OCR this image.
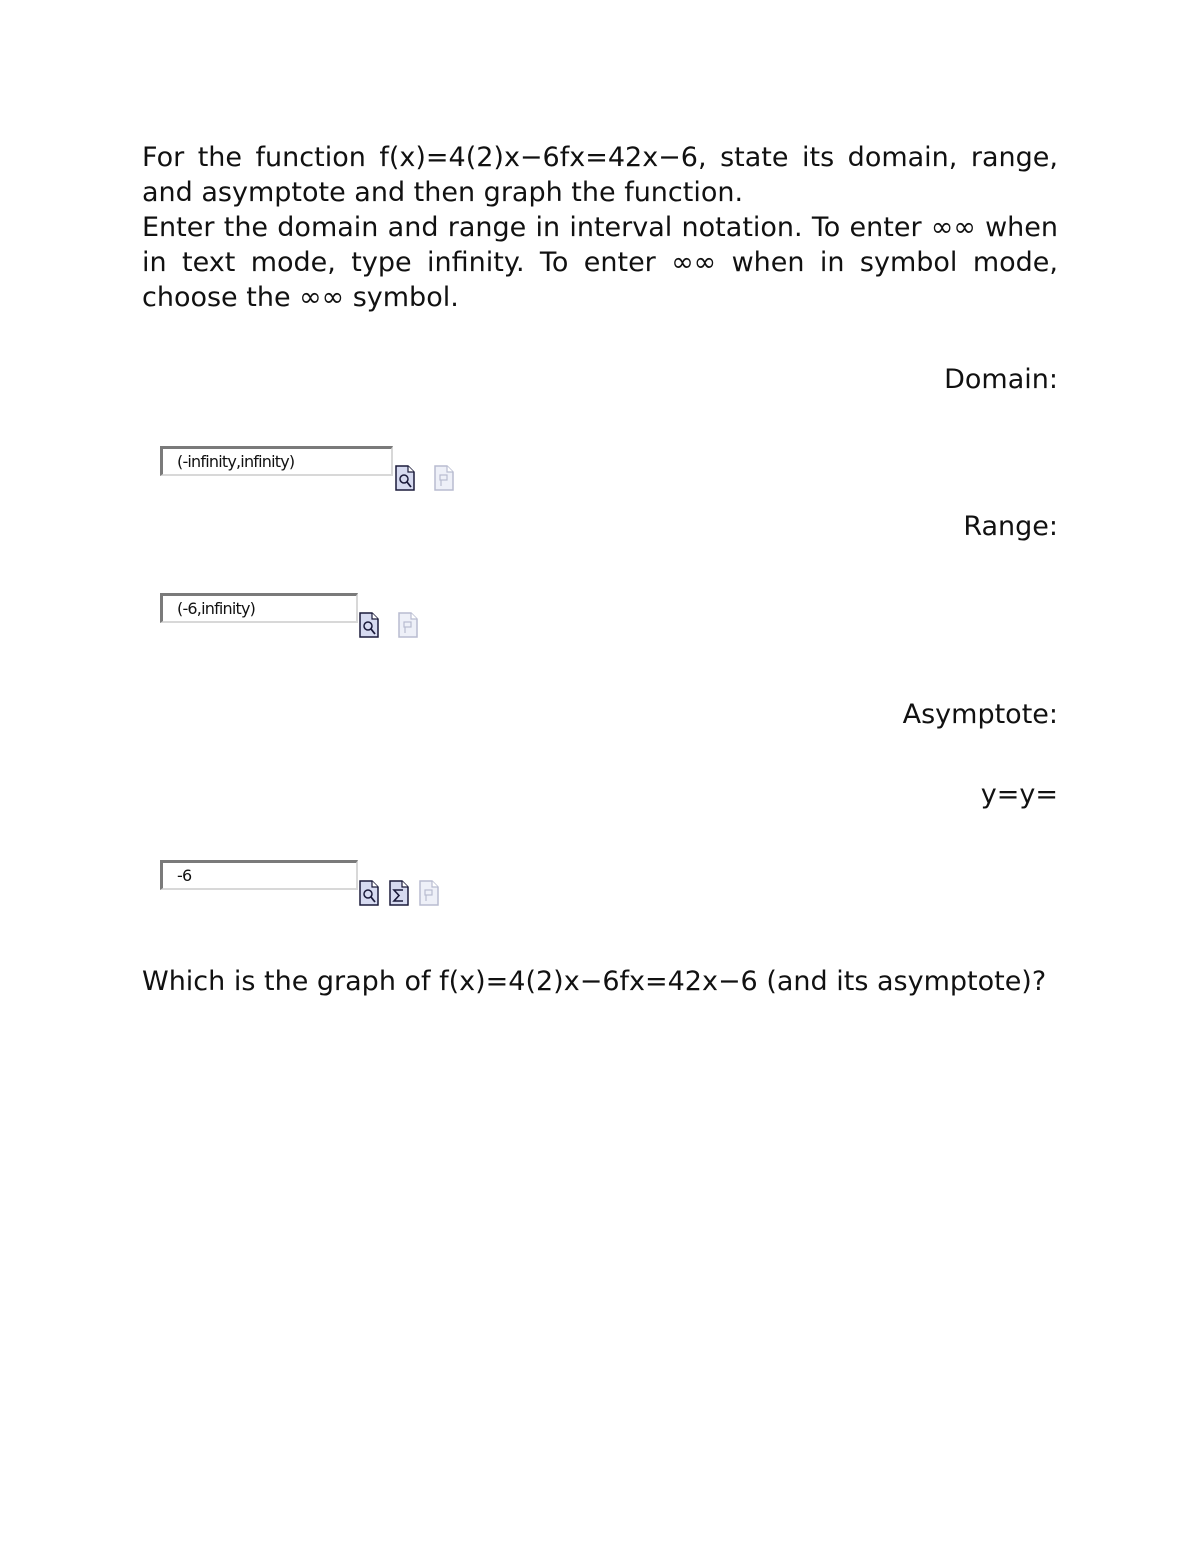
For the function f(x)=4(2)x−6fx=42x−6, state its domain, range, and asymptote and then graph the function.

Enter the domain and range in interval notation. To enter ∞∞ when in text mode, type infinity. To enter ∞∞ when in symbol mode, choose the ∞∞ symbol.

Domain:
(-infinity,infinity)
Range:
(-6,infinity)
Asymptote:
y=y=
-6

Which is the graph of f(x)=4(2)x−6fx=42x−6 (and its asymptote)?
